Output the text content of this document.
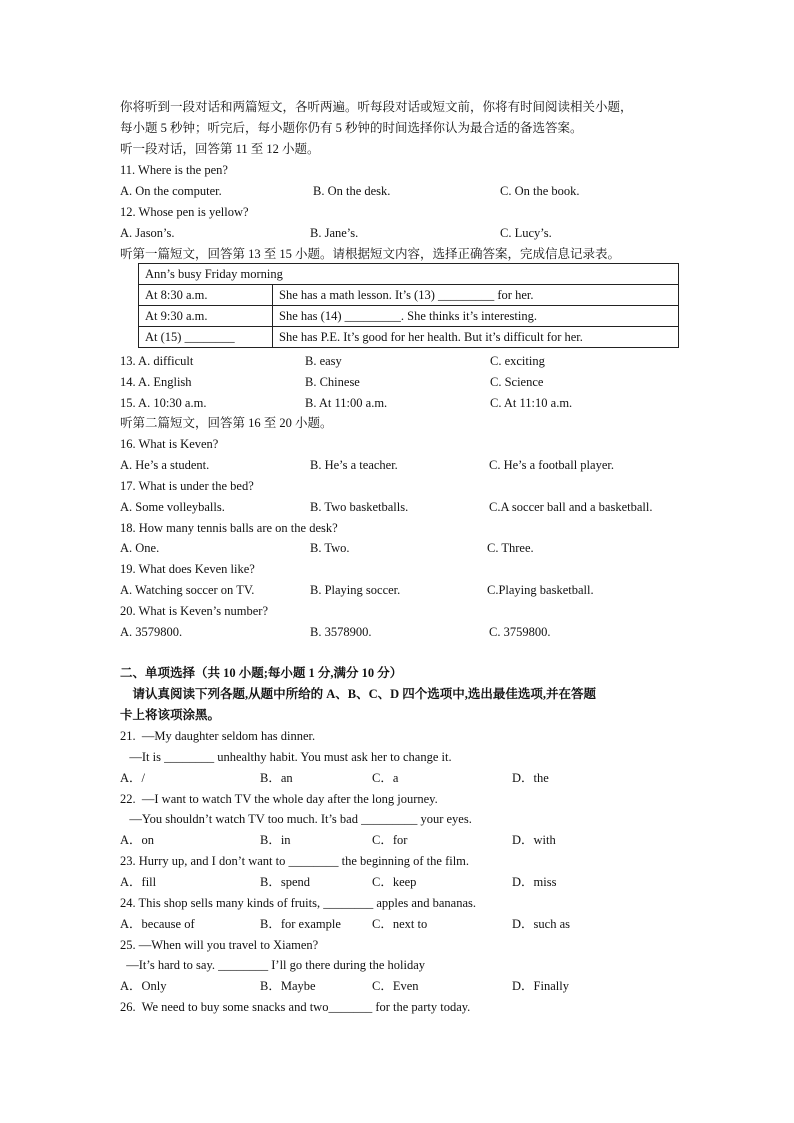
你将听到一段对话和两篇短文，各听两遍。听每段对话或短文前，你将有时间阅读相关小题，
每小题 5 秒钟；听完后，每小题你仍有 5 秒钟的时间选择你认为最合适的备选答案。
听一段对话，回答第 11 至 12 小题。
11. Where is the pen?
A. On the computer.	B. On the desk.	C. On the book.
12. Whose pen is yellow?
A. Jason’s.	B. Jane’s.	C. Lucy’s.
听第一篇短文，回答第 13 至 15 小题。请根据短文内容，选择正确答案，完成信息记录表。
Ann’s busy Friday morning	
At 8:30 a.m.	She has a math lesson. It’s (13) _________ for her.
At 9:30 a.m.	She has (14) _________. She thinks it’s interesting.
At (15) ________	She has P.E. It’s good for her health. But it’s difficult for her.
13. A. difficult	B. easy	C. exciting
14. A. English	B. Chinese	C. Science
15. A. 10:30 a.m.	B. At 11:00 a.m.	C. At 11:10 a.m.
听第二篇短文，回答第 16 至 20 小题。
16. What is Keven?
A. He’s a student.	B. He’s a teacher.	C. He’s a football player.
17. What is under the bed?
A. Some volleyballs.	B. Two basketballs.	C.A soccer ball and a basketball.
18. How many tennis balls are on the desk?
A. One.	B. Two.	C. Three.
19. What does Keven like?
A. Watching soccer on TV.	B. Playing soccer.	C.Playing basketball.
20. What is Keven’s number?
A. 3579800.	B. 3578900.	C. 3759800.
二、单项选择（共 10 小题;每小题 1 分,满分 10 分）
请认真阅读下列各题,从题中所给的 A、B、C、D 四个选项中,选出最佳选项,并在答题
卡上将该项涂黑。
21.  —My daughter seldom has dinner.
—It is ________ unhealthy habit. You must ask her to change it.
A．/	B．an	C．a	D．the
22.  —I want to watch TV the whole day after the long journey.
—You shouldn’t watch TV too much. It’s bad _________ your eyes.
A．on	B．in	C．for	D．with
23. Hurry up, and I don’t want to ________ the beginning of the film.
A．fill	B．spend	C．keep	D．miss
24. This shop sells many kinds of fruits, ________ apples and bananas.
A．because of	B．for example C．next to	D．such as
25. —When will you travel to Xiamen?
—It’s hard to say. ________ I’ll go there during the holiday
A．Only	B．Maybe	C．Even	D．Finally
26.  We need to buy some snacks and two_______ for the party today.
